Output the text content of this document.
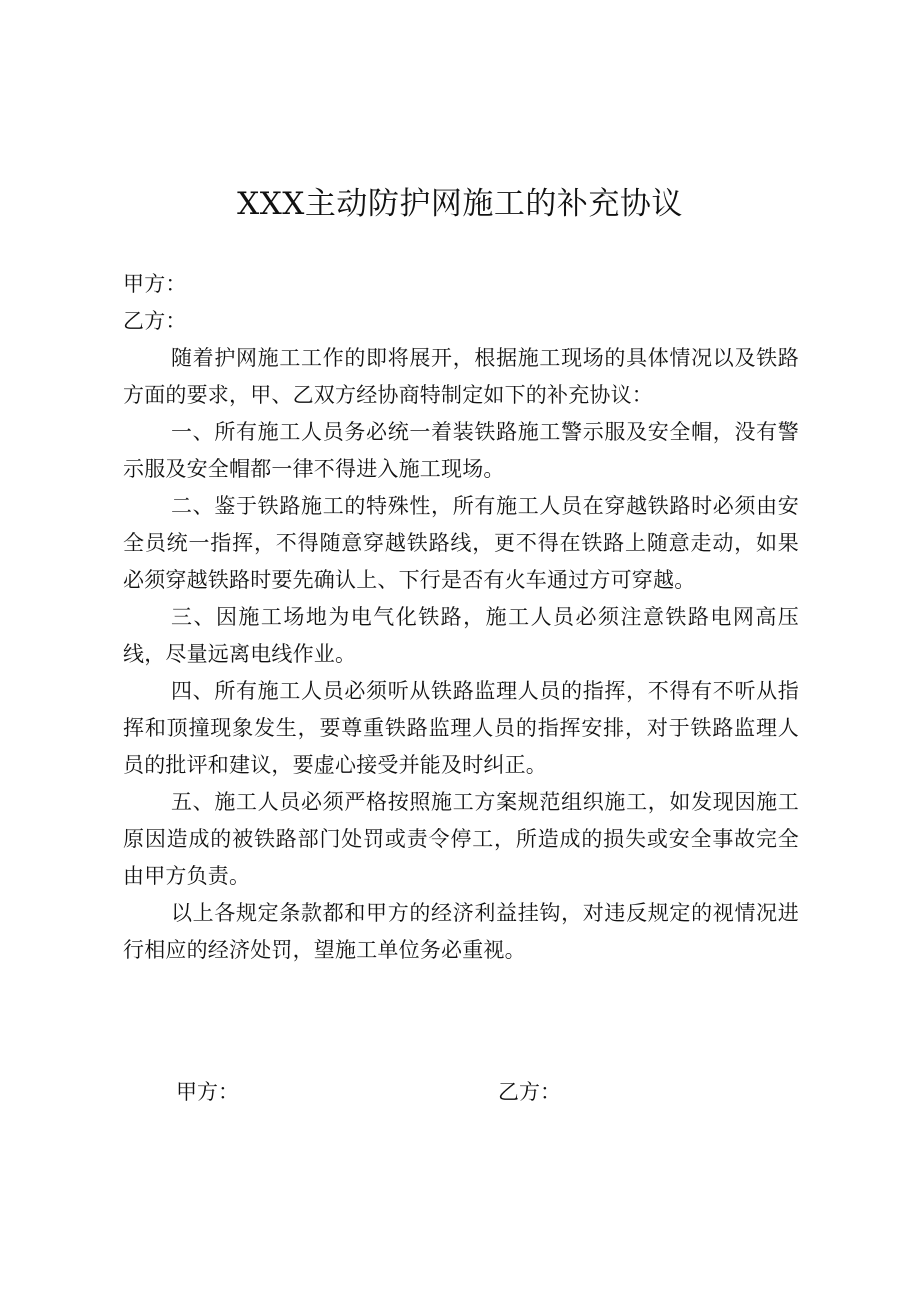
XXX主动防护网施工的补充协议

甲方：

乙方：

随着护网施工工作的即将展开，根据施工现场的具体情况以及铁路方面的要求，甲、乙双方经协商特制定如下的补充协议：

一、所有施工人员务必统一着装铁路施工警示服及安全帽，没有警示服及安全帽都一律不得进入施工现场。

二、鉴于铁路施工的特殊性，所有施工人员在穿越铁路时必须由安全员统一指挥，不得随意穿越铁路线，更不得在铁路上随意走动，如果必须穿越铁路时要先确认上、下行是否有火车通过方可穿越。

三、因施工场地为电气化铁路，施工人员必须注意铁路电网高压线，尽量远离电线作业。

四、所有施工人员必须听从铁路监理人员的指挥，不得有不听从指挥和顶撞现象发生，要尊重铁路监理人员的指挥安排，对于铁路监理人员的批评和建议，要虚心接受并能及时纠正。

五、施工人员必须严格按照施工方案规范组织施工，如发现因施工原因造成的被铁路部门处罚或责令停工，所造成的损失或安全事故完全由甲方负责。

以上各规定条款都和甲方的经济利益挂钩，对违反规定的视情况进行相应的经济处罚，望施工单位务必重视。

甲方：	乙方：
